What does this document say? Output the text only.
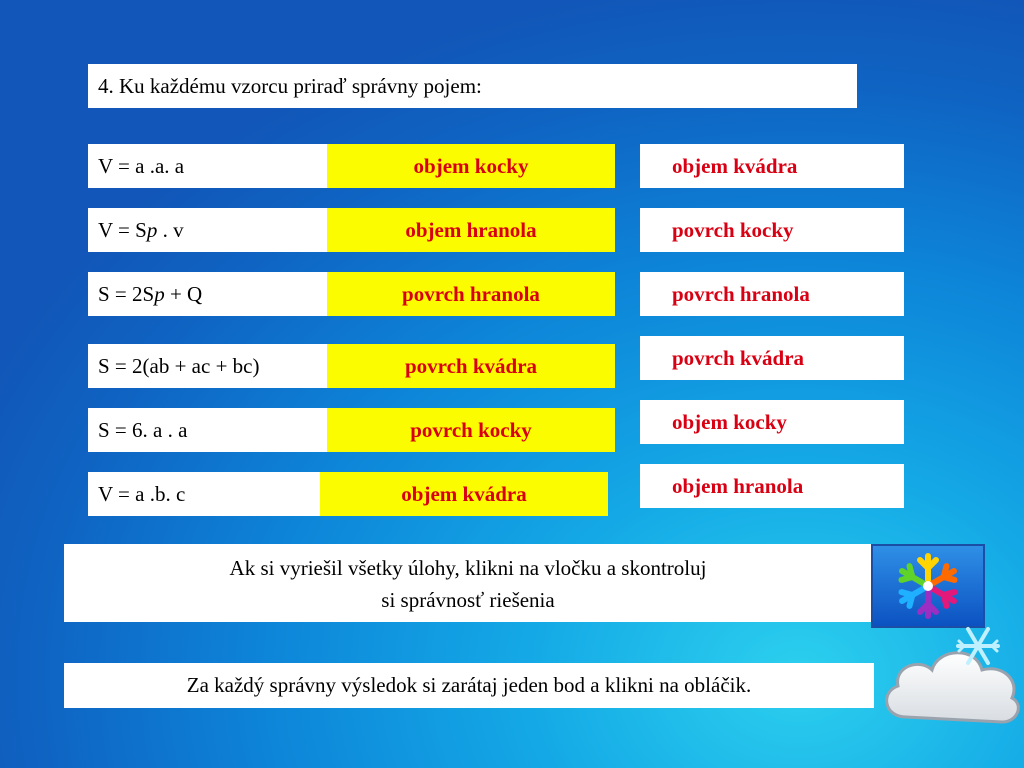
4. Ku každému vzorcu priraď správny pojem:
V = a .a. a	objem kocky
V = Sp . v	objem hranola
S = 2Sp + Q	povrch hranola
S = 2(ab + ac + bc)	povrch kvádra
S = 6. a . a	povrch kocky
V = a .b. c	objem kvádra
objem kvádra
povrch kocky
povrch hranola
povrch kvádra
objem kocky
objem hranola
Ak si vyriešil všetky úlohy, klikni na vločku a skontroluj
si správnosť riešenia
Za každý správny výsledok si zarátaj jeden bod a klikni na obláčik.
